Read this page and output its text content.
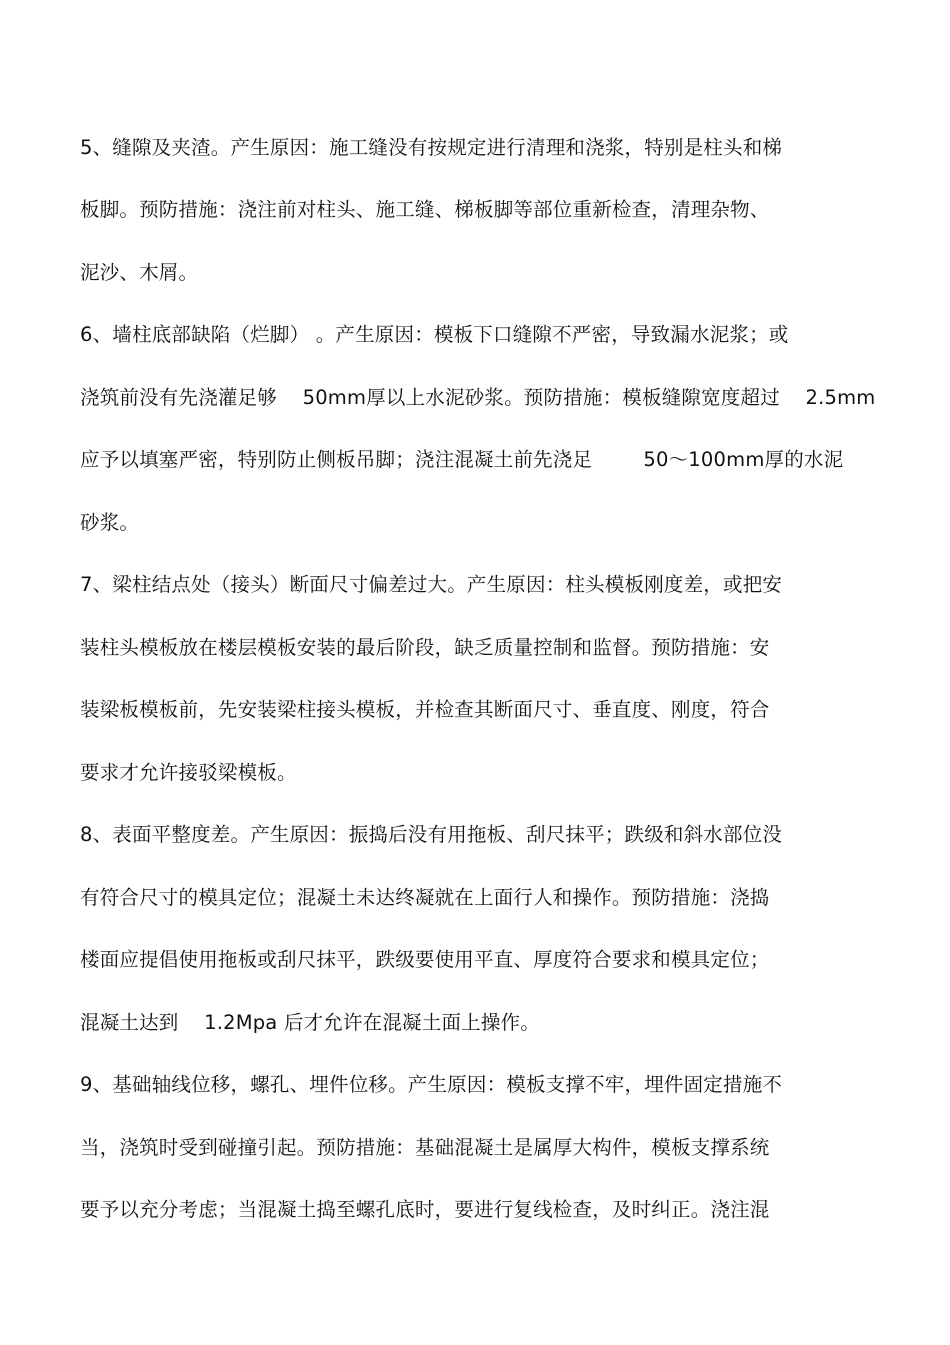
5、缝隙及夹渣。产生原因：施工缝没有按规定进行清理和浇浆，特别是柱头和梯
板脚。预防措施：浇注前对柱头、施工缝、梯板脚等部位重新检查，清理杂物、
泥沙、木屑。
6、墙柱底部缺陷（烂脚） 。产生原因：模板下口缝隙不严密，导致漏水泥浆；或
浇筑前没有先浇灌足够    50mm厚以上水泥砂浆。预防措施：模板缝隙宽度超过    2.5mm
应予以填塞严密，特别防止侧板吊脚；浇注混凝土前先浇足        50～100mm厚的水泥
砂浆。
7、梁柱结点处（接头）断面尺寸偏差过大。产生原因：柱头模板刚度差，或把安
装柱头模板放在楼层模板安装的最后阶段，缺乏质量控制和监督。预防措施：安
装梁板模板前，先安装梁柱接头模板，并检查其断面尺寸、垂直度、刚度，符合
要求才允许接驳梁模板。
8、表面平整度差。产生原因：振捣后没有用拖板、刮尺抹平；跌级和斜水部位没
有符合尺寸的模具定位；混凝土未达终凝就在上面行人和操作。预防措施：浇捣
楼面应提倡使用拖板或刮尺抹平，跌级要使用平直、厚度符合要求和模具定位；
混凝土达到    1.2Mpa 后才允许在混凝土面上操作。
9、基础轴线位移，螺孔、埋件位移。产生原因：模板支撑不牢，埋件固定措施不
当，浇筑时受到碰撞引起。预防措施：基础混凝土是属厚大构件，模板支撑系统
要予以充分考虑；当混凝土捣至螺孔底时，要进行复线检查，及时纠正。浇注混
